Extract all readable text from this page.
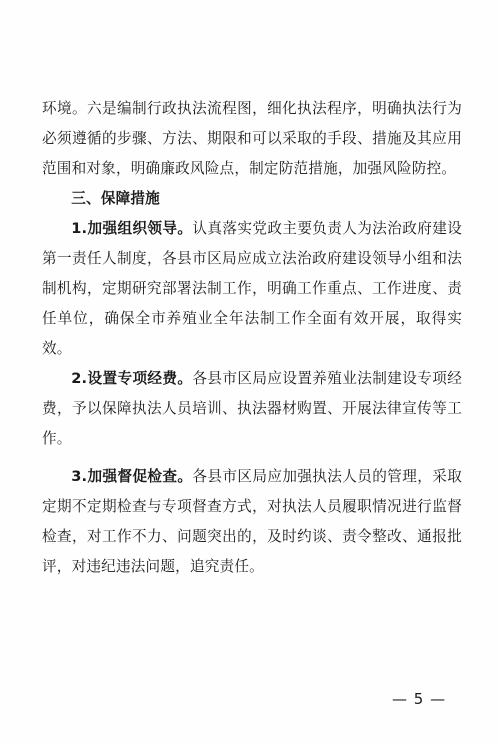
环境。六是编制行政执法流程图，细化执法程序，明确执法行为必须遵循的步骤、方法、期限和可以采取的手段、措施及其应用范围和对象，明确廉政风险点，制定防范措施，加强风险防控。

三、保障措施

1.加强组织领导。认真落实党政主要负责人为法治政府建设第一责任人制度，各县市区局应成立法治政府建设领导小组和法制机构，定期研究部署法制工作，明确工作重点、工作进度、责任单位，确保全市养殖业全年法制工作全面有效开展，取得实效。

2.设置专项经费。各县市区局应设置养殖业法制建设专项经费，予以保障执法人员培训、执法器材购置、开展法律宣传等工作。

3.加强督促检查。各县市区局应加强执法人员的管理，采取定期不定期检查与专项督查方式，对执法人员履职情况进行监督检查，对工作不力、问题突出的，及时约谈、责令整改、通报批评，对违纪违法问题，追究责任。

— 5 —
